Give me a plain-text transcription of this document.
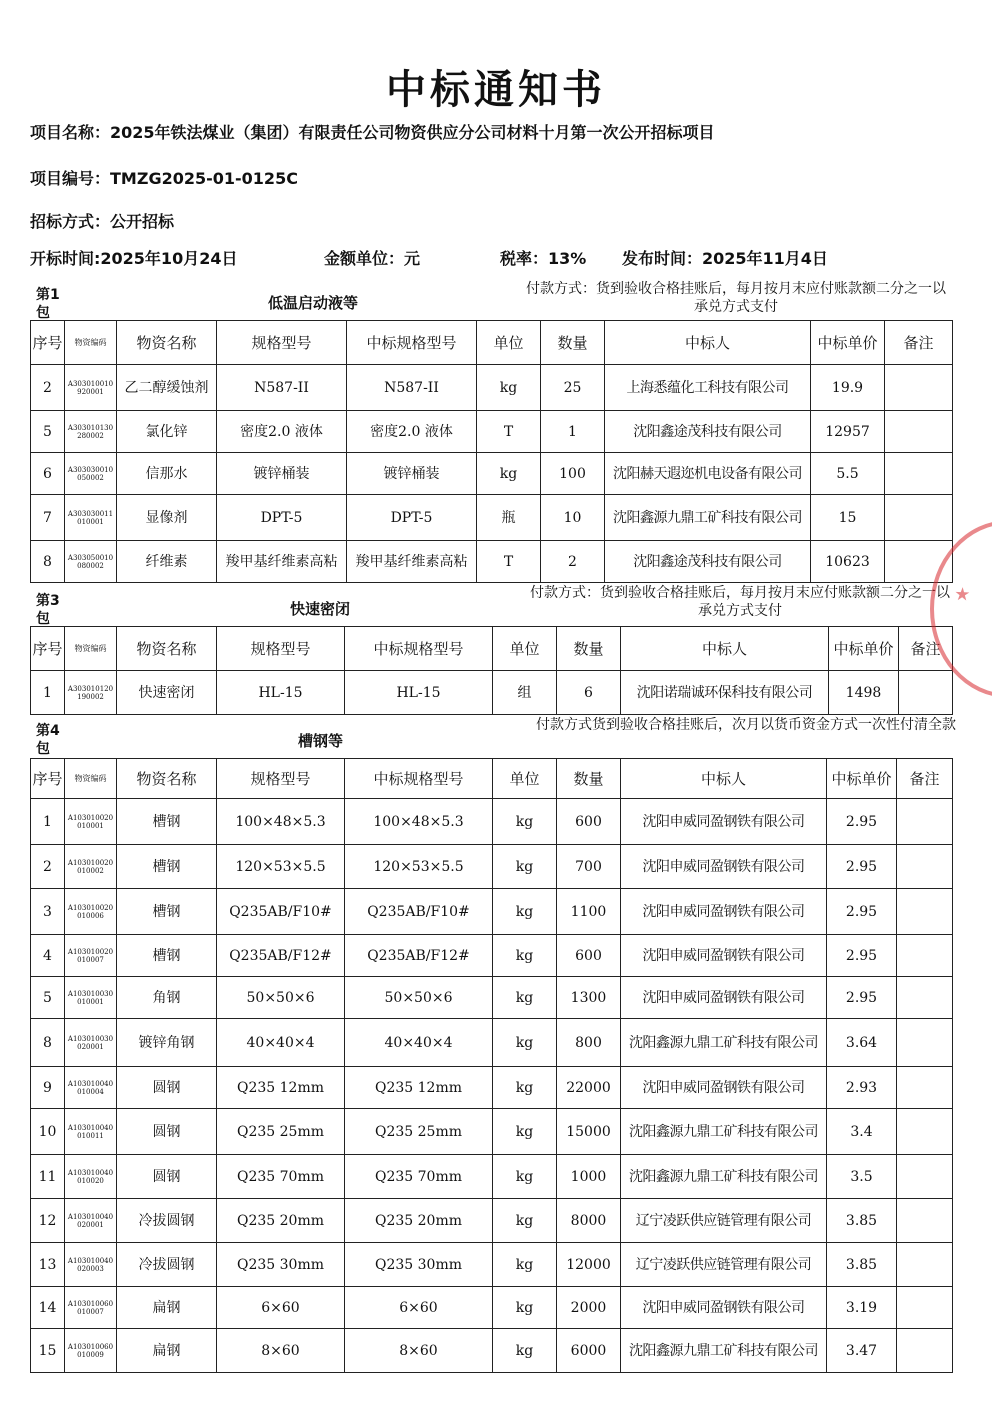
中标通知书
项目名称：2025年铁法煤业（集团）有限责任公司物资供应分公司材料十月第一次公开招标项目
项目编号：TMZG2025-01-0125C
招标方式：公开招标
开标时间:2025年10月24日	金额单位：元	税率：13% 发布时间：2025年11月4日
第1包
低温启动液等
付款方式：货到验收合格挂账后，每月按月末应付账款额二分之一以承兑方式支付
序号	物资编码	物资名称	规格型号	中标规格型号	单位	数量	中标人	中标单价	备注
2	A303010010920001	乙二醇缓蚀剂	N587-II	N587-II	kg	25	上海悉蕴化工科技有限公司	19.9	
5	A303010130280002	氯化锌	密度2.0 液体	密度2.0 液体	T	1	沈阳鑫途茂科技有限公司	12957	
6	A303030010050002	信那水	镀锌桶装	镀锌桶装	kg	100	沈阳赫天遐迩机电设备有限公司	5.5	
7	A303030011010001	显像剂	DPT-5	DPT-5	瓶	10	沈阳鑫源九鼎工矿科技有限公司	15	
8	A303050010080002	纤维素	羧甲基纤维素高粘	羧甲基纤维素高粘	T	2	沈阳鑫途茂科技有限公司	10623	
第3包
快速密闭
付款方式：货到验收合格挂账后，每月按月末应付账款额二分之一以承兑方式支付
序号	物资编码	物资名称	规格型号	中标规格型号	单位	数量	中标人	中标单价	备注
1	A303010120190002	快速密闭	HL-15	HL-15	组	6	沈阳诺瑞诚环保科技有限公司	1498	
第4包	槽钢等
付款方式货到验收合格挂账后，次月以货币资金方式一次性付清全款
序号	物资编码	物资名称	规格型号	中标规格型号	单位	数量	中标人	中标单价	备注
1	A103010020010001	槽钢	100×48×5.3	100×48×5.3	kg	600	沈阳申威同盈钢铁有限公司	2.95	
2	A103010020010002	槽钢	120×53×5.5	120×53×5.5	kg	700	沈阳申威同盈钢铁有限公司	2.95	
3	A103010020010006	槽钢	Q235AB/F10#	Q235AB/F10#	kg	1100	沈阳申威同盈钢铁有限公司	2.95	
4	A103010020010007	槽钢	Q235AB/F12#	Q235AB/F12#	kg	600	沈阳申威同盈钢铁有限公司	2.95	
5	A103010030010001	角钢	50×50×6	50×50×6	kg	1300	沈阳申威同盈钢铁有限公司	2.95	
8	A103010030020001	镀锌角钢	40×40×4	40×40×4	kg	800	沈阳鑫源九鼎工矿科技有限公司	3.64	
9	A103010040010004	圆钢	Q235 12mm	Q235 12mm	kg	22000	沈阳申威同盈钢铁有限公司	2.93	
10	A103010040010011	圆钢	Q235 25mm	Q235 25mm	kg	15000	沈阳鑫源九鼎工矿科技有限公司	3.4	
11	A103010040010020	圆钢	Q235 70mm	Q235 70mm	kg	1000	沈阳鑫源九鼎工矿科技有限公司	3.5	
12	A103010040020001	冷拔圆钢	Q235 20mm	Q235 20mm	kg	8000	辽宁凌跃供应链管理有限公司	3.85	
13	A103010040020003	冷拔圆钢	Q235 30mm	Q235 30mm	kg	12000	辽宁凌跃供应链管理有限公司	3.85	
14	A103010060010007	扁钢	6×60	6×60	kg	2000	沈阳申威同盈钢铁有限公司	3.19	
15	A103010060010009	扁钢	8×60	8×60	kg	6000	沈阳鑫源九鼎工矿科技有限公司	3.47	
★
